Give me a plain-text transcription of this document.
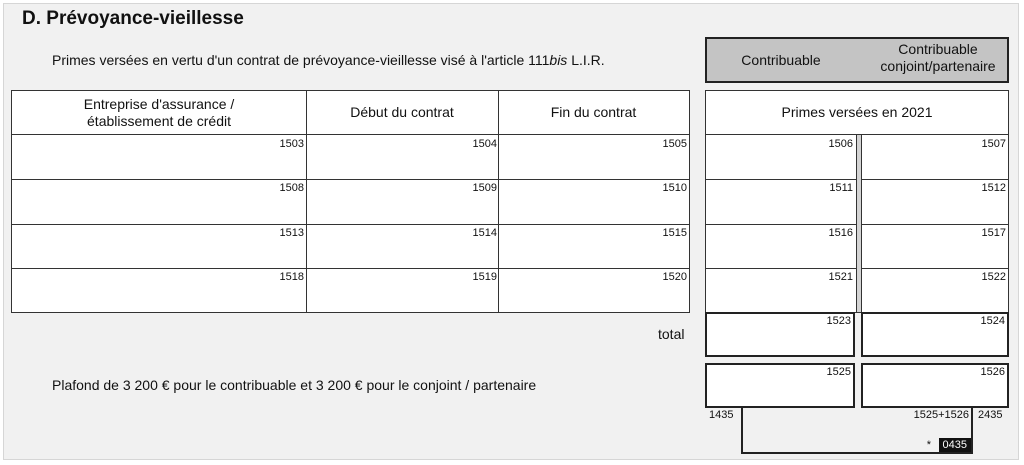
D. Prévoyance-vieillesse
Primes versées en vertu d'un contrat de prévoyance-vieillesse visé à l'article 111bis L.I.R.	Contribuable
Contribuable
conjoint/partenaire
Entreprise d'assurance /
établissement de crédit
Début du contrat	Fin du contrat
1503	1504	1505
1508	1509	1510
1513	1514	1515
1518	1519	1520
Primes versées en 2021
1506	1507
1511	1512
1516	1517
1521	1522
total
1523	1524
Plafond de 3 200 € pour le contribuable et 3 200 € pour le conjoint / partenaire
1525	1526
1435	1525+1526
*	0435
2435
